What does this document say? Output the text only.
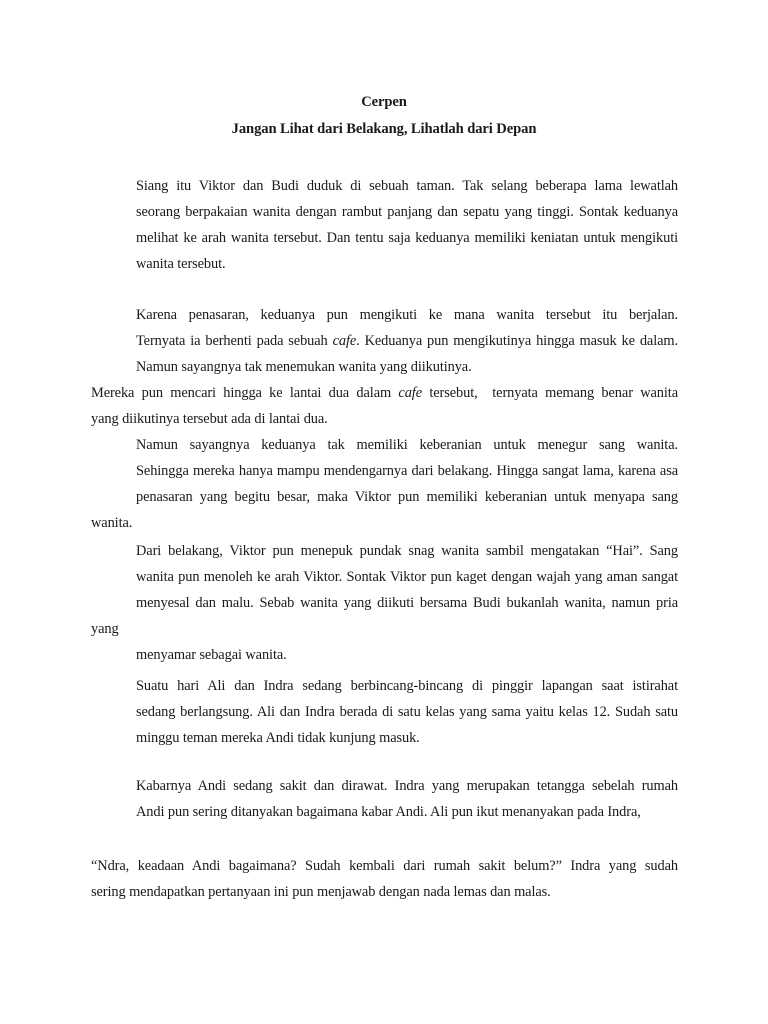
Cerpen
Jangan Lihat dari Belakang, Lihatlah dari Depan

Siang itu Viktor dan Budi duduk di sebuah taman. Tak selang beberapa lama lewatlah
seorang berpakaian wanita dengan rambut panjang dan sepatu yang tinggi. Sontak keduanya
melihat ke arah wanita tersebut. Dan tentu saja keduanya memiliki keniatan untuk mengikuti
wanita tersebut.

Karena penasaran, keduanya pun mengikuti ke mana wanita tersebut itu berjalan.
Ternyata ia berhenti pada sebuah cafe. Keduanya pun mengikutinya hingga masuk ke dalam.
Namun sayangnya tak menemukan wanita yang diikutinya.

Mereka pun mencari hingga ke lantai dua dalam cafe tersebut,  ternyata memang benar wanita
yang diikutinya tersebut ada di lantai dua.

Namun sayangnya keduanya tak memiliki keberanian untuk menegur sang wanita.
Sehingga mereka hanya mampu mendengarnya dari belakang. Hingga sangat lama, karena asa
penasaran yang begitu besar, maka Viktor pun memiliki keberanian untuk menyapa sang wanita.

Dari belakang, Viktor pun menepuk pundak snag wanita sambil mengatakan “Hai”. Sang
wanita pun menoleh ke arah Viktor. Sontak Viktor pun kaget dengan wajah yang aman sangat
menyesal dan malu. Sebab wanita yang diikuti bersama Budi bukanlah wanita, namun pria yang
menyamar sebagai wanita.

Suatu hari Ali dan Indra sedang berbincang-bincang di pinggir lapangan saat istirahat
sedang berlangsung. Ali dan Indra berada di satu kelas yang sama yaitu kelas 12. Sudah satu
minggu teman mereka Andi tidak kunjung masuk.

Kabarnya Andi sedang sakit dan dirawat. Indra yang merupakan tetangga sebelah rumah
Andi pun sering ditanyakan bagaimana kabar Andi. Ali pun ikut menanyakan pada Indra,

“Ndra, keadaan Andi bagaimana? Sudah kembali dari rumah sakit belum?” Indra yang sudah
sering mendapatkan pertanyaan ini pun menjawab dengan nada lemas dan malas.
